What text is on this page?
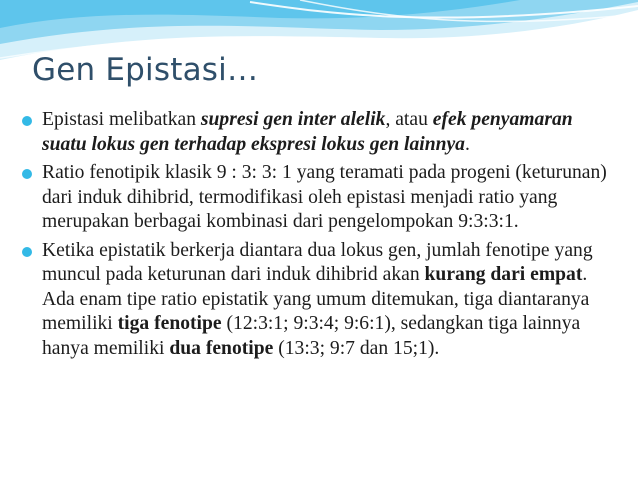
Gen Epistasi…
Epistasi melibatkan supresi gen inter alelik, atau efek penyamaran suatu lokus gen terhadap ekspresi lokus gen lainnya.
Ratio fenotipik klasik 9 : 3: 3: 1 yang teramati pada progeni (keturunan) dari induk dihibrid, termodifikasi oleh epistasi menjadi ratio yang merupakan berbagai kombinasi dari pengelompokan 9:3:3:1.
Ketika epistatik berkerja diantara dua lokus gen, jumlah fenotipe yang muncul pada keturunan dari induk dihibrid akan kurang dari empat. Ada enam tipe ratio epistatik yang umum ditemukan, tiga diantaranya memiliki tiga fenotipe (12:3:1; 9:3:4; 9:6:1), sedangkan tiga lainnya hanya memiliki dua fenotipe (13:3; 9:7 dan 15;1).
